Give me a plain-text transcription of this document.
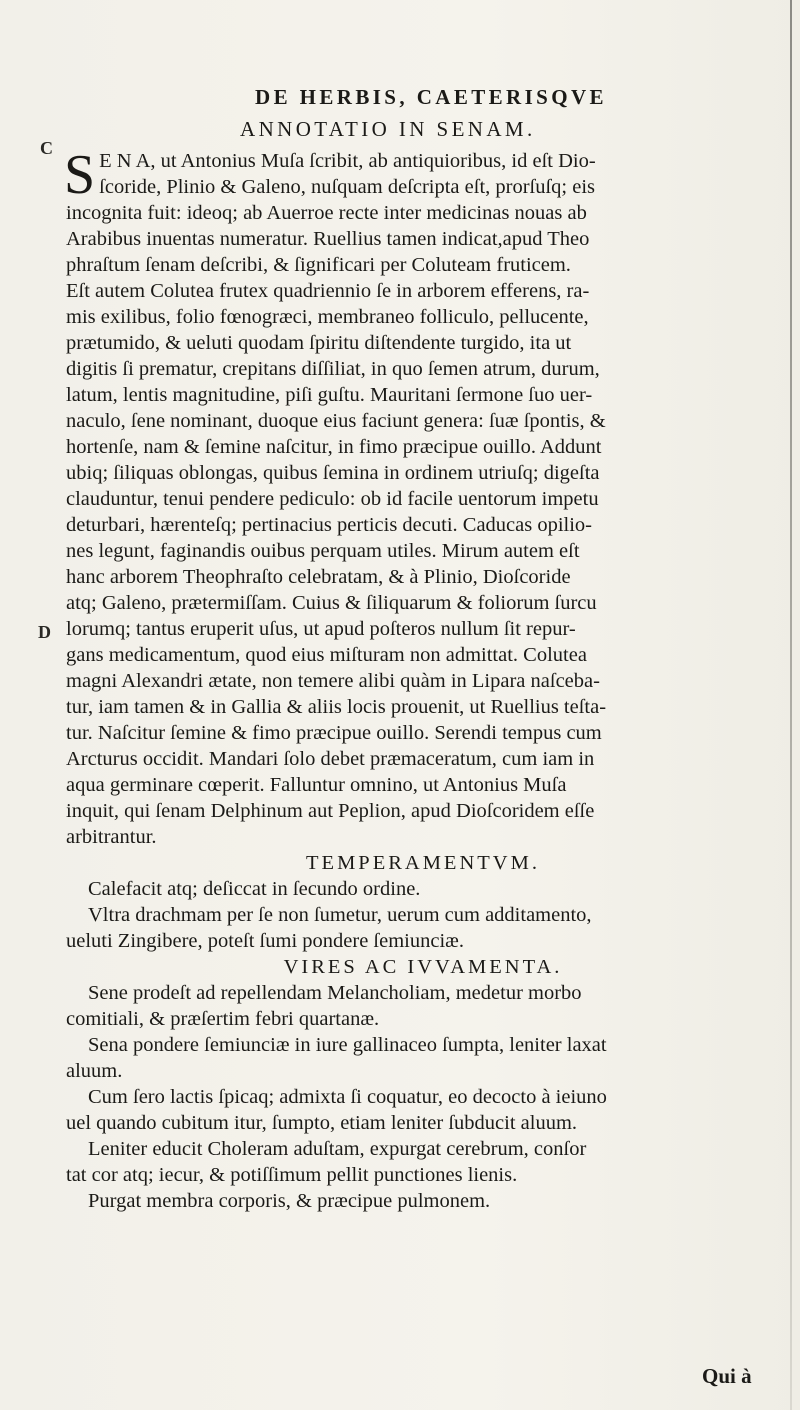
DE HERBIS, CAETERISQVE
ANNOTATIO IN SENAM.
C
D
S E N A, ut Antonius Muſa ſcribit, ab antiquioribus, id eſt Dio-
ſcoride, Plinio & Galeno, nuſquam deſcripta eſt, prorſuſq; eis
incognita fuit: ideoq; ab Auerroe recte inter medicinas nouas ab
Arabibus inuentas numeratur. Ruellius tamen indicat,apud Theo
phraſtum ſenam deſcribi, & ſignificari per Coluteam fruticem.
Eſt autem Colutea frutex quadriennio ſe in arborem efferens, ra-
mis exilibus, folio fœnogræci, membraneo folliculo, pellucente,
prætumido, & ueluti quodam ſpiritu diſtendente turgido, ita ut
digitis ſi prematur, crepitans diſſiliat, in quo ſemen atrum, durum,
latum, lentis magnitudine, piſi guſtu. Mauritani ſermone ſuo uer-
naculo, ſene nominant, duoque eius faciunt genera: ſuæ ſpontis, &
hortenſe, nam & ſemine naſcitur, in fimo præcipue ouillo. Addunt
ubiq; ſiliquas oblongas, quibus ſemina in ordinem utriuſq; digeſta
clauduntur, tenui pendere pediculo: ob id facile uentorum impetu
deturbari, hærenteſq; pertinacius perticis decuti. Caducas opilio-
nes legunt, faginandis ouibus perquam utiles. Mirum autem eſt
hanc arborem Theophraſto celebratam, & à Plinio, Dioſcoride
atq; Galeno, prætermiſſam. Cuius & ſiliquarum & foliorum ſurcu
lorumq; tantus eruperit uſus, ut apud poſteros nullum ſit repur-
gans medicamentum, quod eius miſturam non admittat. Colutea
magni Alexandri ætate, non temere alibi quàm in Lipara naſceba-
tur, iam tamen & in Gallia & aliis locis prouenit, ut Ruellius teſta-
tur. Naſcitur ſemine & fimo præcipue ouillo. Serendi tempus cum
Arcturus occidit. Mandari ſolo debet præmaceratum, cum iam in
aqua germinare cœperit. Falluntur omnino, ut Antonius Muſa
inquit, qui ſenam Delphinum aut Peplion, apud Dioſcoridem eſſe
arbitrantur.
TEMPERAMENTVM.
Calefacit atq; deſiccat in ſecundo ordine.
Vltra drachmam per ſe non ſumetur, uerum cum additamento,
ueluti Zingibere, poteſt ſumi pondere ſemiunciæ.
VIRES AC IVVAMENTA.
Sene prodeſt ad repellendam Melancholiam, medetur morbo
comitiali, & præſertim febri quartanæ.
Sena pondere ſemiunciæ in iure gallinaceo ſumpta, leniter laxat
aluum.
Cum ſero lactis ſpicaq; admixta ſi coquatur, eo decocto à ieiuno
uel quando cubitum itur, ſumpto, etiam leniter ſubducit aluum.
Leniter educit Choleram aduſtam, expurgat cerebrum, conſor
tat cor atq; iecur, & potiſſimum pellit punctiones lienis.
Purgat membra corporis, & præcipue pulmonem.
Qui à
